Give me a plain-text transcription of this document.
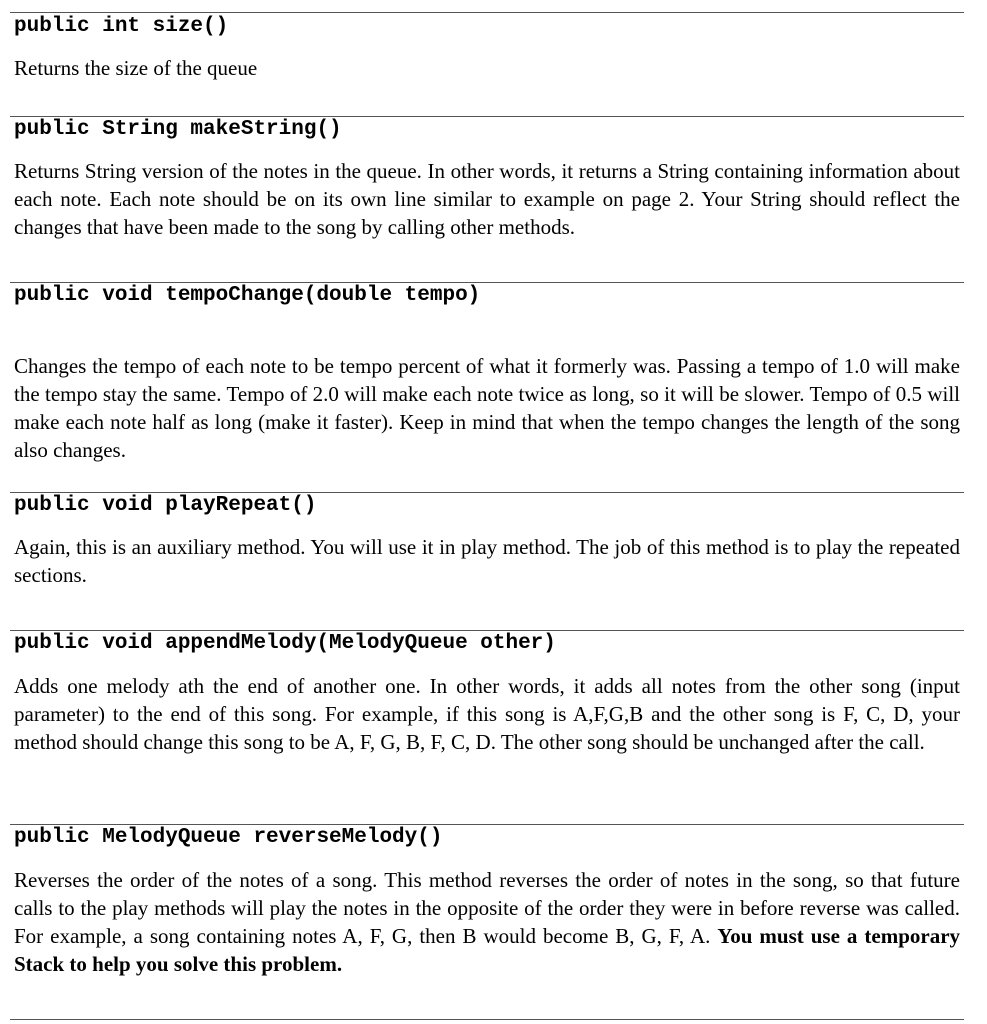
public int size()

Returns the size of the queue

public String makeString()

Returns String version of the notes in the queue. In other words, it returns a String containing information about each note. Each note should be on its own line similar to example on page 2. Your String should reflect the changes that have been made to the song by calling other methods.

public void tempoChange(double tempo)

Changes the tempo of each note to be tempo percent of what it formerly was. Passing a tempo of 1.0 will make the tempo stay the same. Tempo of 2.0 will make each note twice as long, so it will be slower. Tempo of 0.5 will make each note half as long (make it faster). Keep in mind that when the tempo changes the length of the song also changes.

public void playRepeat()

Again, this is an auxiliary method. You will use it in play method. The job of this method is to play the repeated sections.

public void appendMelody(MelodyQueue other)

Adds one melody ath the end of another one. In other words, it adds all notes from the other song (input parameter) to the end of this song. For example, if this song is A,F,G,B and the other song is F, C, D, your method should change this song to be A, F, G, B, F, C, D. The other song should be unchanged after the call.

public MelodyQueue reverseMelody()

Reverses the order of the notes of a song. This method reverses the order of notes in the song, so that future calls to the play methods will play the notes in the opposite of the order they were in before reverse was called. For example, a song containing notes A, F, G, then B would become B, G, F, A. You must use a temporary Stack to help you solve this problem.
